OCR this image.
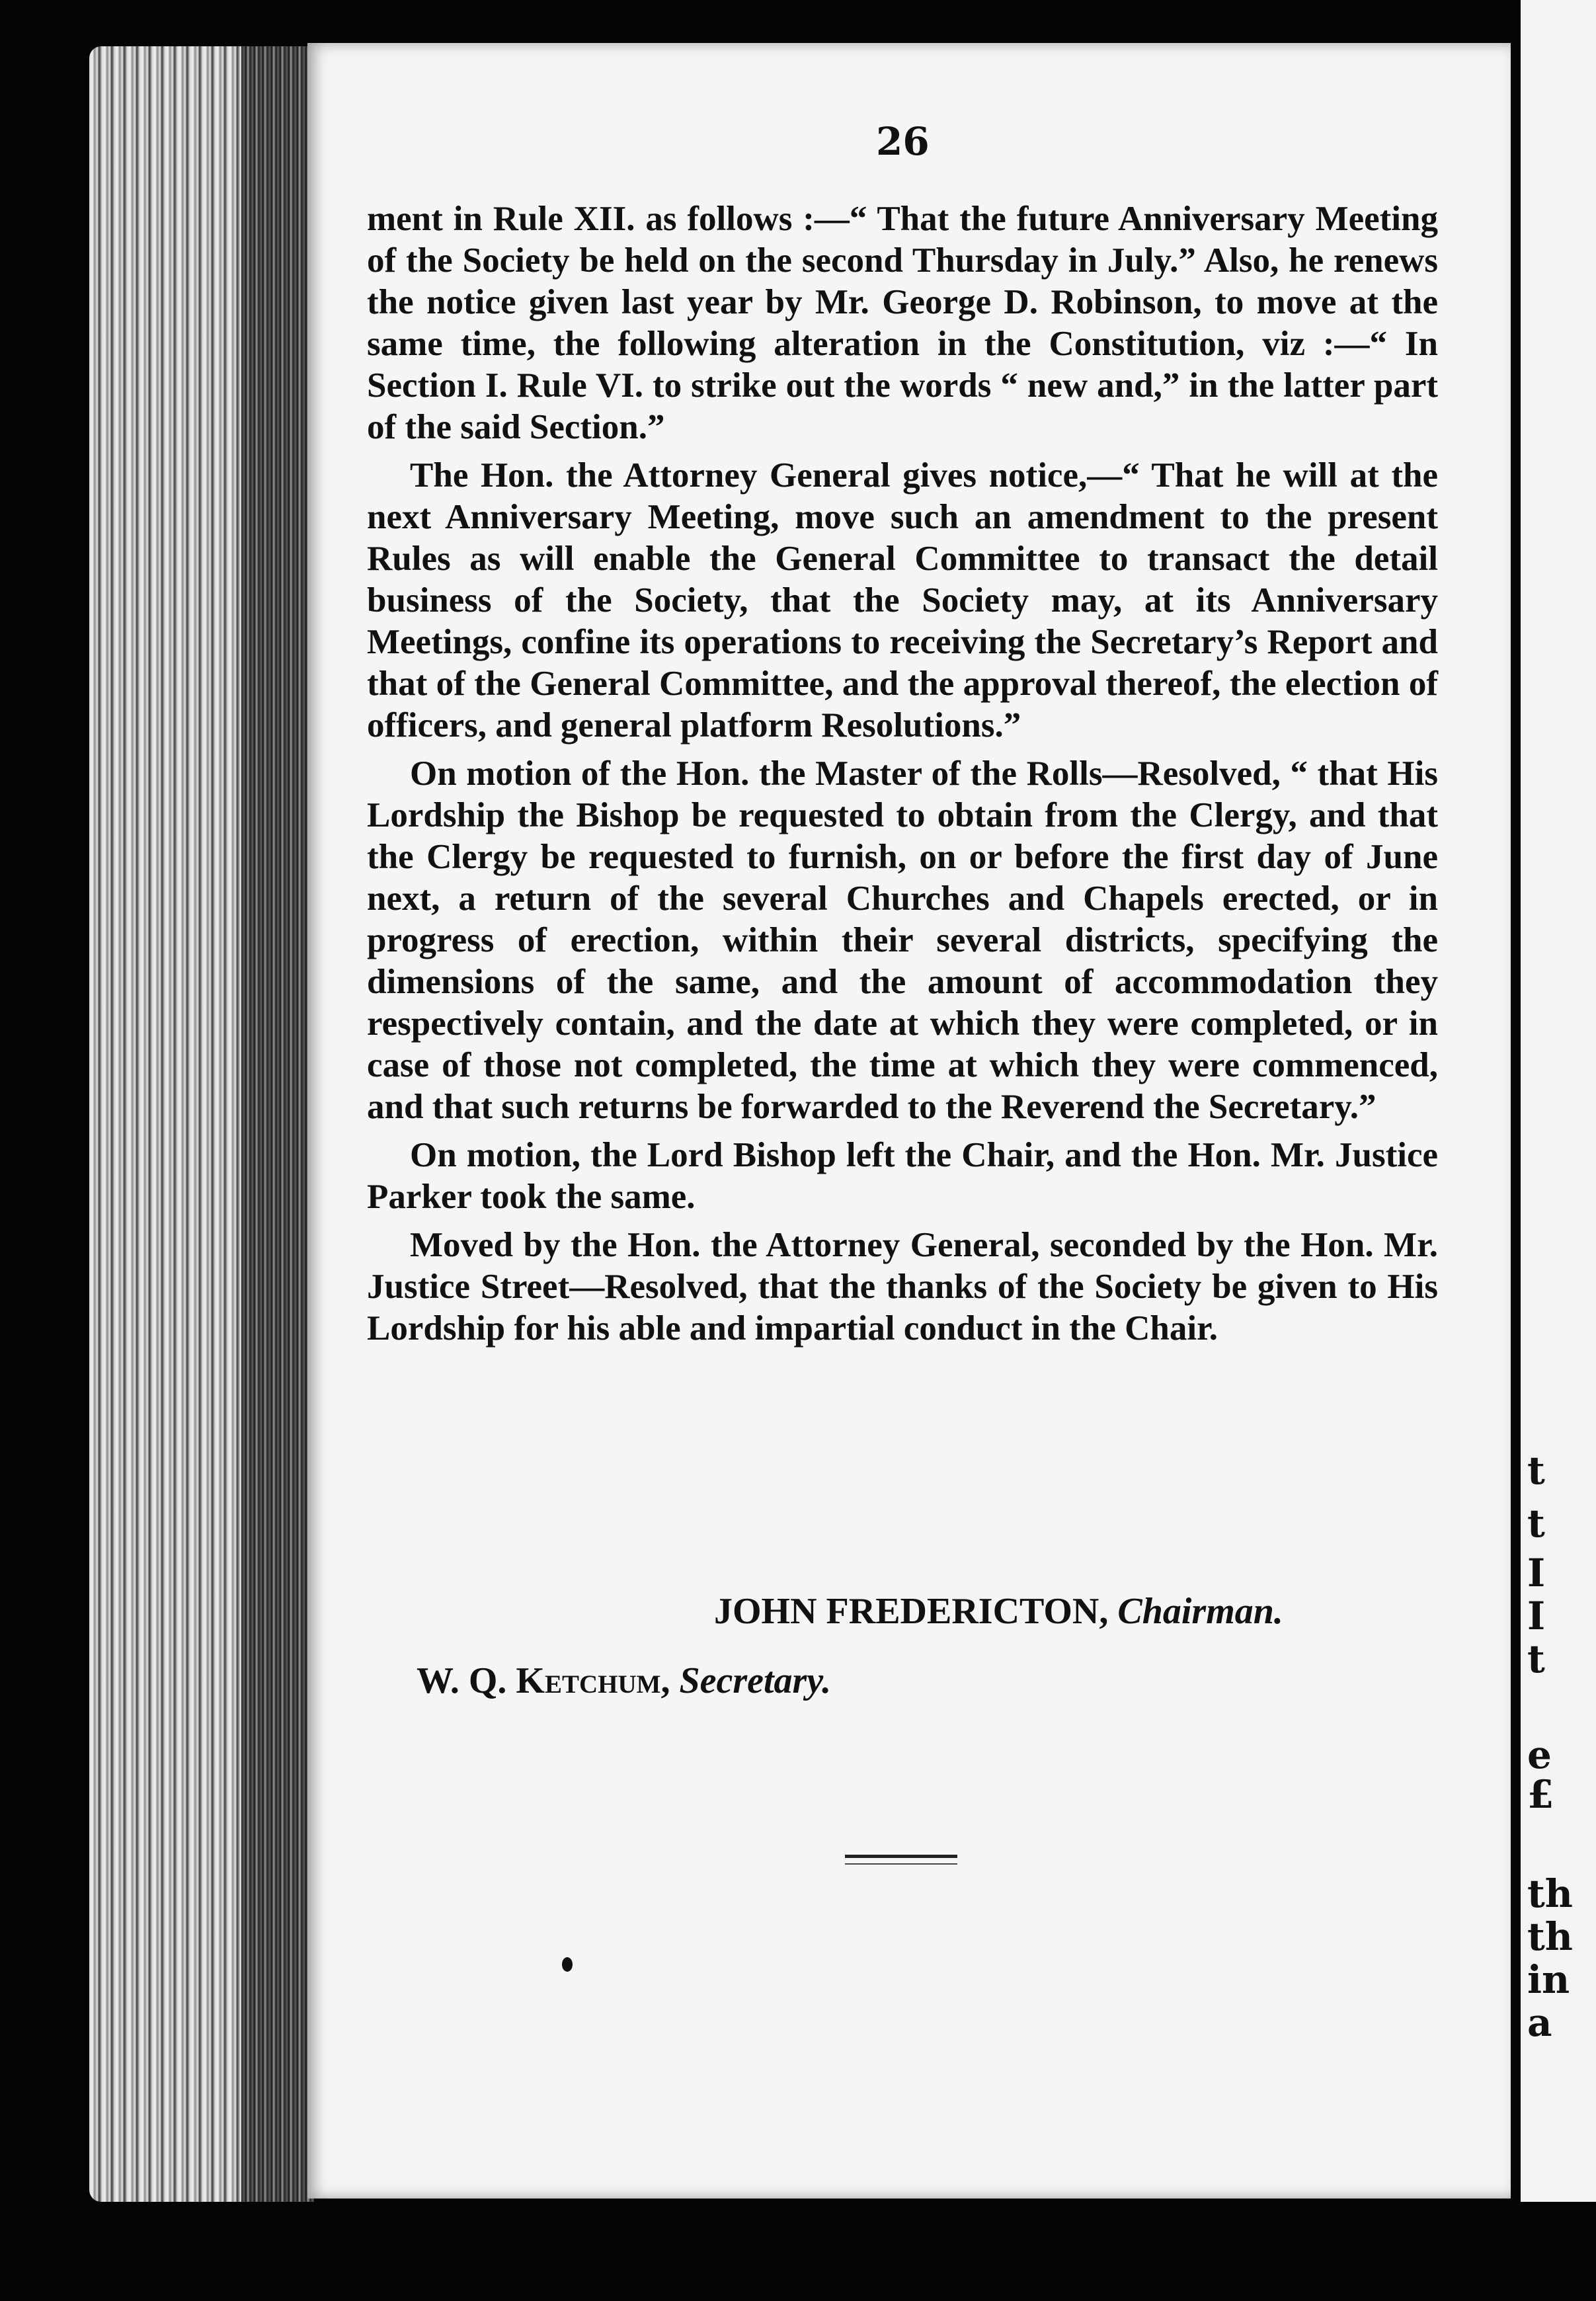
t
t
I
I
t
e
£
th
th
in
a
26

ment in Rule XII. as follows :—“ That the future Anniversary Meeting of the Society be held on the second Thursday in July.” Also, he renews the notice given last year by Mr. George D. Robinson, to move at the same time, the following alteration in the Constitution, viz :—“ In Section I. Rule VI. to strike out the words “ new and,” in the latter part of the said Section.”

The Hon. the Attorney General gives notice,—“ That he will at the next Anniversary Meeting, move such an amendment to the present Rules as will enable the General Committee to transact the detail business of the Society, that the Society may, at its Anniversary Meetings, confine its operations to receiving the Secretary’s Report and that of the General Committee, and the approval thereof, the election of officers, and general platform Resolutions.”

On motion of the Hon. the Master of the Rolls—Resolved, “ that His Lordship the Bishop be requested to obtain from the Clergy, and that the Clergy be requested to furnish, on or before the first day of June next, a return of the several Churches and Chapels erected, or in progress of erection, within their several districts, specifying the dimensions of the same, and the amount of accommodation they respectively contain, and the date at which they were completed, or in case of those not completed, the time at which they were commenced, and that such returns be forwarded to the Reverend the Secretary.”

On motion, the Lord Bishop left the Chair, and the Hon. Mr. Justice Parker took the same.

Moved by the Hon. the Attorney General, seconded by the Hon. Mr. Justice Street—Resolved, that the thanks of the Society be given to His Lordship for his able and impartial conduct in the Chair.

JOHN FREDERICTON, Chairman.
W. Q. Ketchum, Secretary.
